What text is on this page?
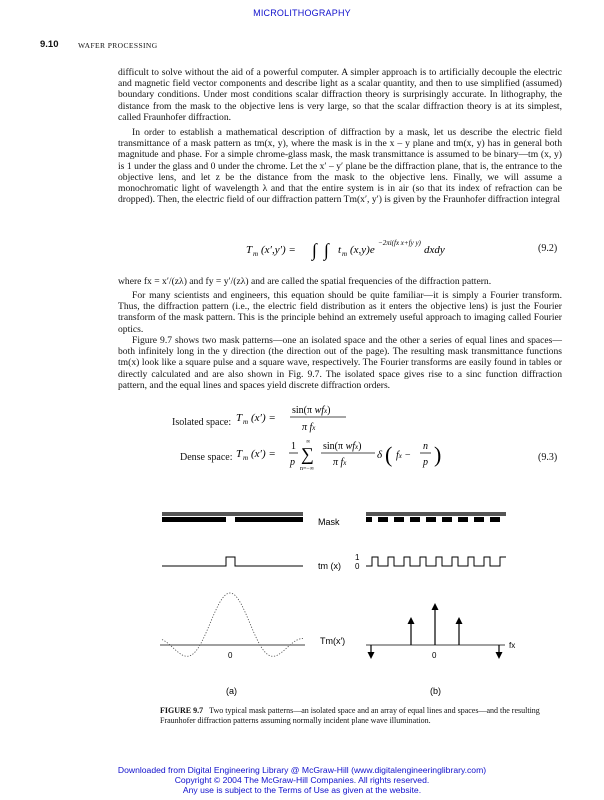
MICROLITHOGRAPHY
9.10	WAFER PROCESSING

difficult to solve without the aid of a powerful computer. A simpler approach is to artificially decouple the electric and magnetic field vector components and describe light as a scalar quantity, and then to use simplified (assumed) boundary conditions. Under most conditions scalar diffraction theory is surprisingly accurate. In lithography, the distance from the mask to the objective lens is very large, so that the scalar diffraction theory is at its simplest, called Fraunhofer diffraction.

In order to establish a mathematical description of diffraction by a mask, let us describe the electric field transmittance of a mask pattern as tm(x, y), where the mask is in the x – y plane and tm(x, y) has in general both magnitude and phase. For a simple chrome-glass mask, the mask transmittance is assumed to be binary—tm (x, y) is 1 under the glass and 0 under the chrome. Let the x′ – y′ plane be the diffraction plane, that is, the entrance to the objective lens, and let z be the distance from the mask to the objective lens. Finally, we will assume a monochromatic light of wavelength λ and that the entire system is in air (so that its index of refraction can be dropped). Then, the electric field of our diffraction pattern Tm(x′, y′) is given by the Fraunhofer diffraction integral

T m (x′,y′) = ∫ ∫ t m (x,y)e
−2πi(fx x+fy y)
dxdy	(9.2)

where fx = x′/(zλ) and fy = y′/(zλ) and are called the spatial frequencies of the diffraction pattern.

For many scientists and engineers, this equation should be quite familiar—it is simply a Fourier transform. Thus, the diffraction pattern (i.e., the electric field distribution as it enters the objective lens) is just the Fourier transform of the mask pattern. This is the principle behind an extremely useful approach to imaging called Fourier optics.

Figure 9.7 shows two mask patterns—one an isolated space and the other a series of equal lines and spaces—both infinitely long in the y direction (the direction out of the page). The resulting mask transmittance functions tm(x) look like a square pulse and a square wave, respectively. The Fourier transforms are easily found in tables or directly calculated and are also shown in Fig. 9.7. The isolated space gives rise to a sinc function diffraction pattern, and the equal lines and spaces yield discrete diffraction orders.

Isolated space: T m (x′) =
sin(π wfx)
π fx
Dense space: T m (x′) =
1
p
∞
∑
n=−∞
sin(π wfx)
π fx
δ ( fx −
n
p )	(9.3)
Mask
tm (x)
1
0
0
Tm(x′)
0
fx
(a)	(b)
FIGURE 9.7 Two typical mask patterns—an isolated space and an array of equal lines and spaces—and the resulting Fraunhofer diffraction patterns assuming normally incident plane wave illumination.
Downloaded from Digital Engineering Library @ McGraw-Hill (www.digitalengineeringlibrary.com)
Copyright © 2004 The McGraw-Hill Companies. All rights reserved.
Any use is subject to the Terms of Use as given at the website.
